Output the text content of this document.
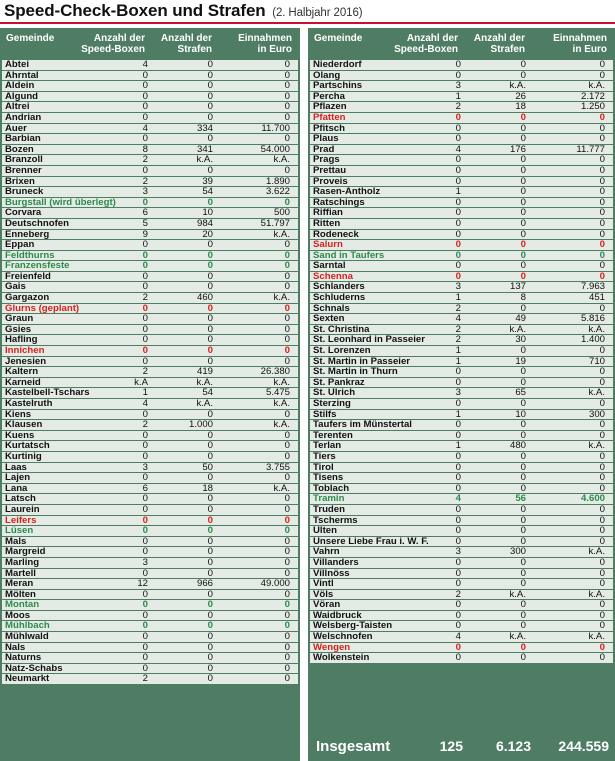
Speed-Check-Boxen und Strafen (2. Halbjahr 2016)
Gemeinde	Anzahl der
Speed-Boxen
Anzahl der
Strafen
Einnahmen
in Euro
Abtei	4	0	0
Ahrntal	0	0	0
Aldein	0	0	0
Algund	0	0	0
Altrei	0	0	0
Andrian	0	0	0
Auer	4	334	11.700
Barbian	0	0	0
Bozen	8	341	54.000
Branzoll	2	k.A.	k.A.
Brenner	0	0	0
Brixen	2	39	1.890
Bruneck	3	54	3.622
Burgstall (wird überlegt)	0	0	0
Corvara	6	10	500
Deutschnofen	5	984	51.797
Enneberg	9	20	k.A.
Eppan	0	0	0
Feldthurns	0	0	0
Franzensfeste	0	0	0
Freienfeld	0	0	0
Gais	0	0	0
Gargazon	2	460	k.A.
Glurns (geplant)	0	0	0
Graun	0	0	0
Gsies	0	0	0
Hafling	0	0	0
Innichen	0	0	0
Jenesien	0	0	0
Kaltern	2	419	26.380
Karneid	k.A	k.A.	k.A.
Kastelbell-Tschars	1	54	5.475
Kastelruth	4	k.A.	k.A.
Kiens	0	0	0
Klausen	2	1.000	k.A.
Kuens	0	0	0
Kurtatsch	0	0	0
Kurtinig	0	0	0
Laas	3	50	3.755
Lajen	0	0	0
Lana	6	18	k.A.
Latsch	0	0	0
Laurein	0	0	0
Leifers	0	0	0
Lüsen	0	0	0
Mals	0	0	0
Margreid	0	0	0
Marling	3	0	0
Martell	0	0	0
Meran	12	966	49.000
Mölten	0	0	0
Montan	0	0	0
Moos	0	0	0
Mühlbach	0	0	0
Mühlwald	0	0	0
Nals	0	0	0
Naturns	0	0	0
Natz-Schabs	0	0	0
Neumarkt	2	0	0
Gemeinde	Anzahl der
Speed-Boxen
Anzahl der
Strafen
Einnahmen
in Euro
Niederdorf	0	0	0
Olang	0	0	0
Partschins	3	k.A.	k.A.
Percha	1	26	2.172
Pflazen	2	18	1.250
Pfatten	0	0	0
Pfitsch	0	0	0
Plaus	0	0	0
Prad	4	176	11.777
Prags	0	0	0
Prettau	0	0	0
Proveis	0	0	0
Rasen-Antholz	1	0	0
Ratschings	0	0	0
Riffian	0	0	0
Ritten	0	0	0
Rodeneck	0	0	0
Salurn	0	0	0
Sand in Taufers	0	0	0
Sarntal	0	0	0
Schenna	0	0	0
Schlanders	3	137	7.963
Schluderns	1	8	451
Schnals	2	0	0
Sexten	4	49	5.816
St. Christina	2	k.A.	k.A.
St. Leonhard in Passeier	2	30	1.400
St. Lorenzen	1	0	0
St. Martin in Passeier	1	19	710
St. Martin in Thurn	0	0	0
St. Pankraz	0	0	0
St. Ulrich	3	65	k.A.
Sterzing	0	0	0
Stilfs	1	10	300
Taufers im Münstertal	0	0	0
Terenten	0	0	0
Terlan	1	480	k.A.
Tiers	0	0	0
Tirol	0	0	0
Tisens	0	0	0
Toblach	0	0	0
Tramin	4	56	4.600
Truden	0	0	0
Tscherms	0	0	0
Ulten	0	0	0
Unsere Liebe Frau i. W. F.	0	0	0
Vahrn	3	300	k.A.
Villanders	0	0	0
Villnöss	0	0	0
Vintl	0	0	0
Völs	2	k.A.	k.A.
Vöran	0	0	0
Waidbruck	0	0	0
Welsberg-Taisten	0	0	0
Welschnofen	4	k.A.	k.A.
Wengen	0	0	0
Wolkenstein	0	0	0
Insgesamt	125 6.123 244.559
